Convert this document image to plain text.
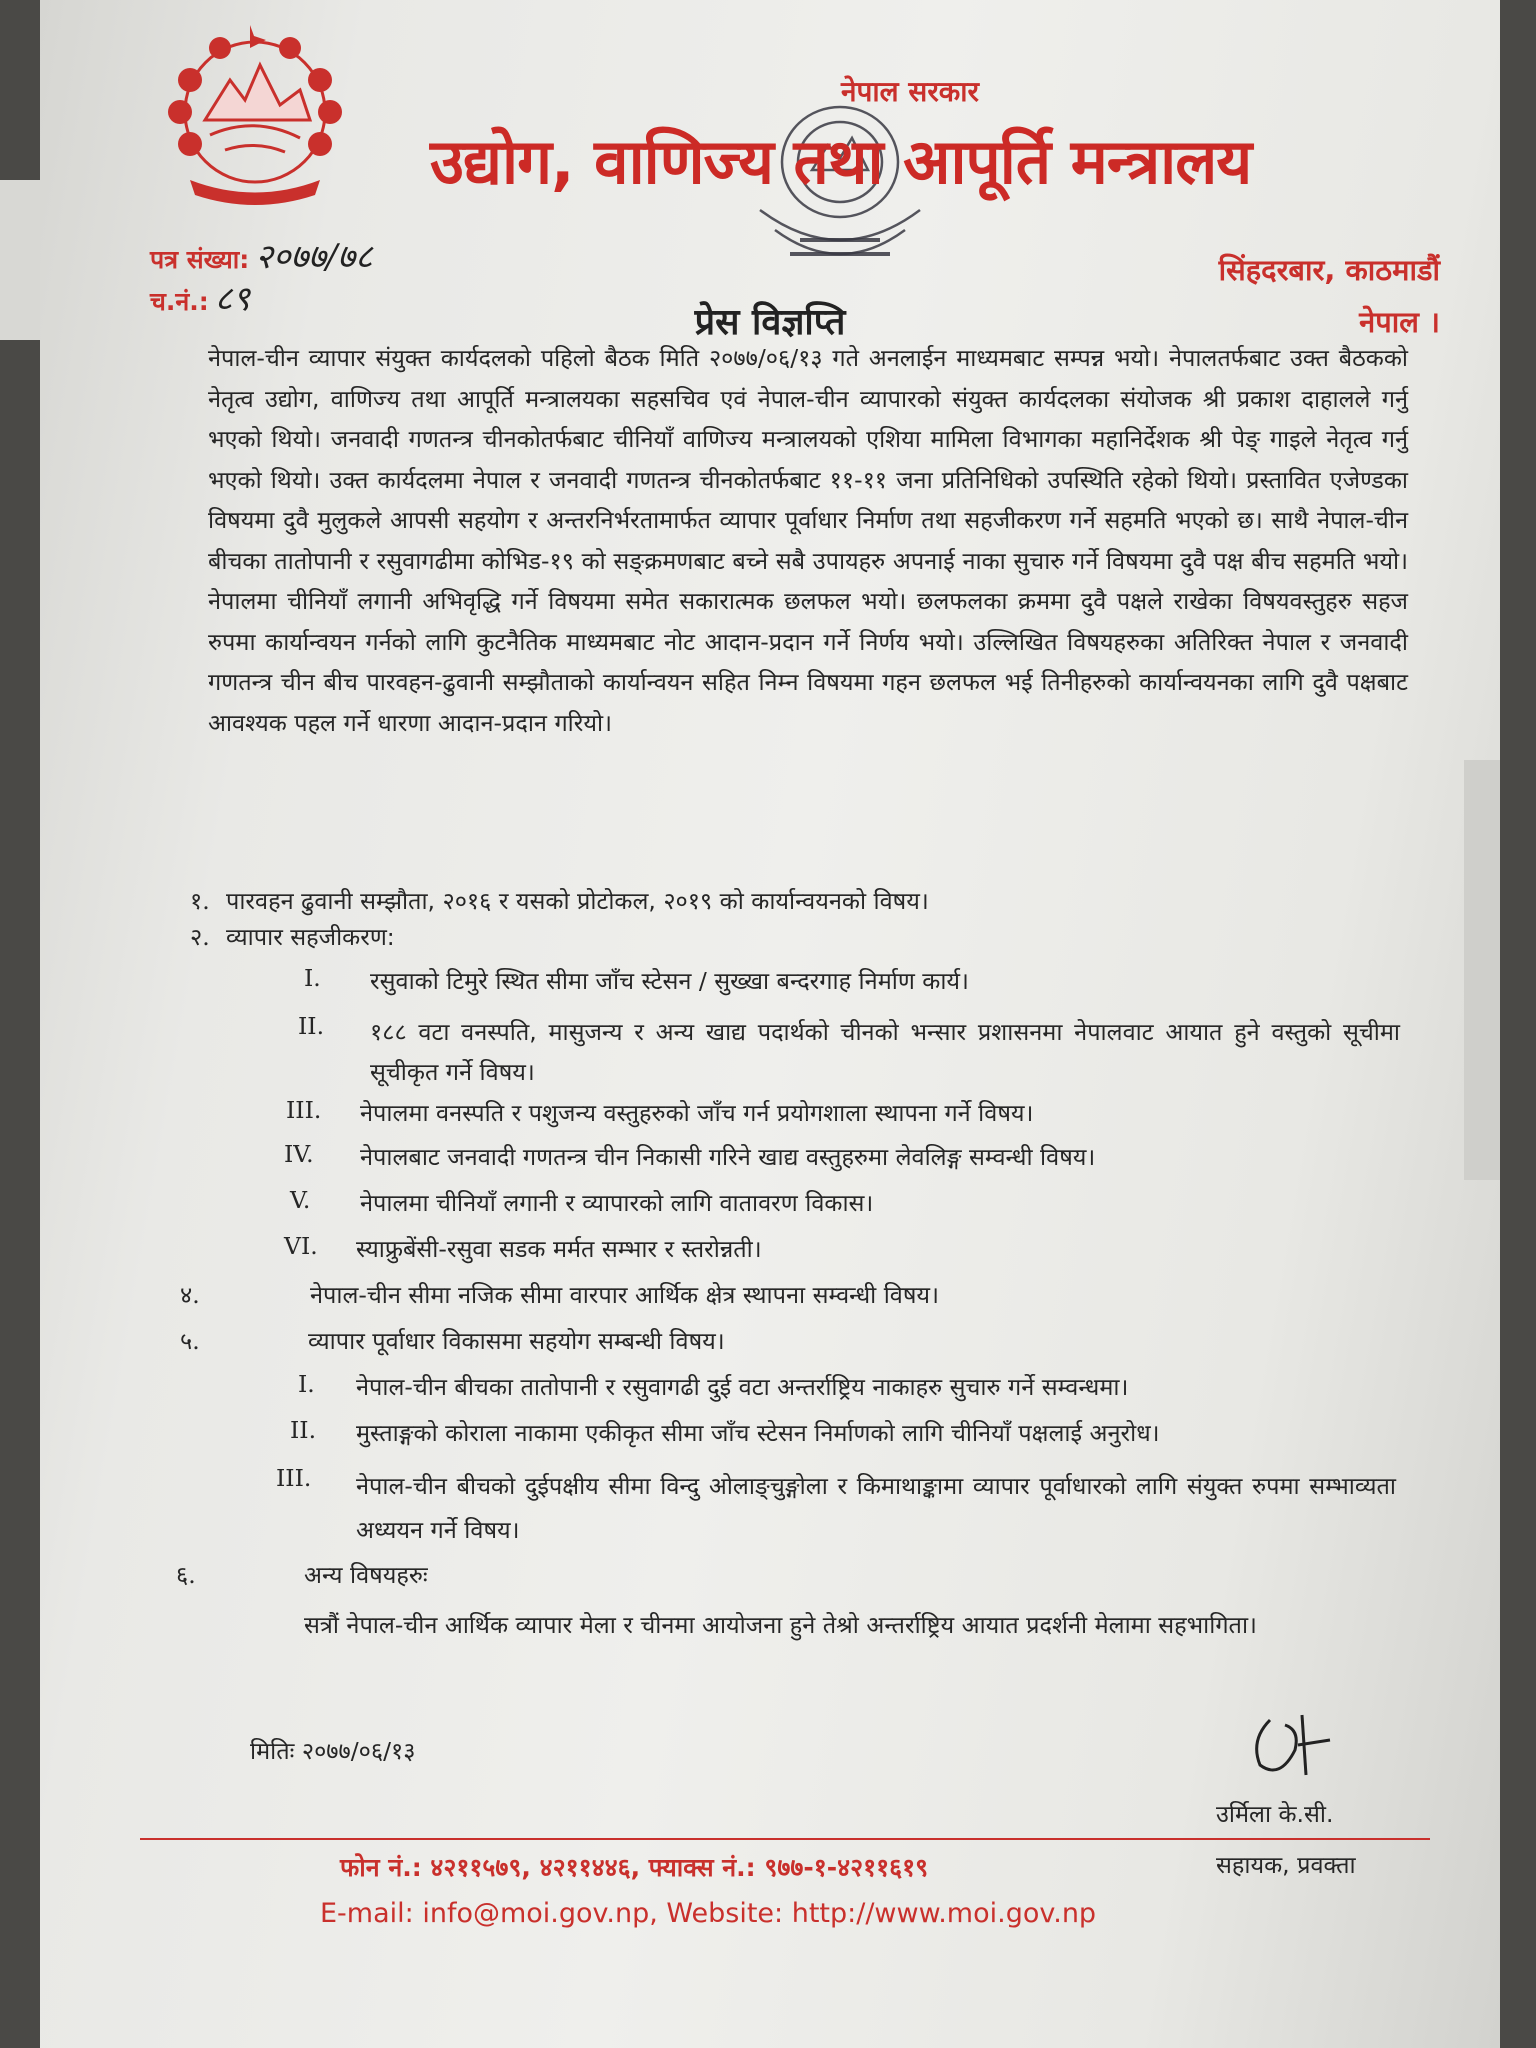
नेपाल सरकार
उद्योग, वाणिज्य तथा आपूर्ति मन्त्रालय
पत्र संख्या: २०७७/७८
च.नं.: ८९
सिंहदरबार, काठमाडौं
नेपाल ।
प्रेस विज्ञप्ति
नेपाल-चीन व्यापार संयुक्त कार्यदलको पहिलो बैठक मिति २०७७/०६/१३ गते अनलाईन माध्यमबाट सम्पन्न भयो। नेपालतर्फबाट उक्त बैठकको नेतृत्व उद्योग, वाणिज्य तथा आपूर्ति मन्त्रालयका सहसचिव एवं नेपाल-चीन व्यापारको संयुक्त कार्यदलका संयोजक श्री प्रकाश दाहालले गर्नु भएको थियो। जनवादी गणतन्त्र चीनकोतर्फबाट चीनियाँ वाणिज्य मन्त्रालयको एशिया मामिला विभागका महानिर्देशक श्री पेङ् गाइले नेतृत्व गर्नु भएको थियो। उक्त कार्यदलमा नेपाल र जनवादी गणतन्त्र चीनकोतर्फबाट ११-११ जना प्रतिनिधिको उपस्थिति रहेको थियो। प्रस्तावित एजेण्डका विषयमा दुवै मुलुकले आपसी सहयोग र अन्तरनिर्भरतामार्फत व्यापार पूर्वाधार निर्माण तथा सहजीकरण गर्ने सहमति भएको छ। साथै नेपाल-चीन बीचका तातोपानी र रसुवागढीमा कोभिड-१९ को सङ्क्रमणबाट बच्ने सबै उपायहरु अपनाई नाका सुचारु गर्ने विषयमा दुवै पक्ष बीच सहमति भयो। नेपालमा चीनियाँ लगानी अभिवृद्धि गर्ने विषयमा समेत सकारात्मक छलफल भयो। छलफलका क्रममा दुवै पक्षले राखेका विषयवस्तुहरु सहज रुपमा कार्यान्वयन गर्नको लागि कुटनैतिक माध्यमबाट नोट आदान-प्रदान गर्ने निर्णय भयो। उल्लिखित विषयहरुका अतिरिक्त नेपाल र जनवादी गणतन्त्र चीन बीच पारवहन-ढुवानी सम्झौताको कार्यान्वयन सहित निम्न विषयमा गहन छलफल भई तिनीहरुको कार्यान्वयनका लागि दुवै पक्षबाट आवश्यक पहल गर्ने धारणा आदान-प्रदान गरियो।
१. पारवहन ढुवानी सम्झौता, २०१६ र यसको प्रोटोकल, २०१९ को कार्यान्वयनको विषय।
२. व्यापार सहजीकरण:
I. रसुवाको टिमुरे स्थित सीमा जाँच स्टेसन / सुख्खा बन्दरगाह निर्माण कार्य।
II. १८८ वटा वनस्पति, मासुजन्य र अन्य खाद्य पदार्थको चीनको भन्सार प्रशासनमा नेपालवाट आयात हुने वस्तुको सूचीमा सूचीकृत गर्ने विषय।
III. नेपालमा वनस्पति र पशुजन्य वस्तुहरुको जाँच गर्न प्रयोगशाला स्थापना गर्ने विषय।
IV. नेपालबाट जनवादी गणतन्त्र चीन निकासी गरिने खाद्य वस्तुहरुमा लेवलिङ्ग सम्वन्धी विषय।
V. नेपालमा चीनियाँ लगानी र व्यापारको लागि वातावरण विकास।
VI. स्याफ्रुबेंसी-रसुवा सडक मर्मत सम्भार र स्तरोन्नती।
४.	नेपाल-चीन सीमा नजिक सीमा वारपार आर्थिक क्षेत्र स्थापना सम्वन्धी विषय।
५.	व्यापार पूर्वाधार विकासमा सहयोग सम्बन्धी विषय।
I. नेपाल-चीन बीचका तातोपानी र रसुवागढी दुई वटा अन्तर्राष्ट्रिय नाकाहरु सुचारु गर्ने सम्वन्धमा।
II. मुस्ताङ्गको कोराला नाकामा एकीकृत सीमा जाँच स्टेसन निर्माणको लागि चीनियाँ पक्षलाई अनुरोध।
III. नेपाल-चीन बीचको दुईपक्षीय सीमा विन्दु ओलाङ्चुङ्गोला र किमाथाङ्कामा व्यापार पूर्वाधारको लागि संयुक्त रुपमा सम्भाव्यता अध्ययन गर्ने विषय।
६.	अन्य विषयहरुः
सत्रौं नेपाल-चीन आर्थिक व्यापार मेला र चीनमा आयोजना हुने तेश्रो अन्तर्राष्ट्रिय आयात प्रदर्शनी मेलामा सहभागिता।
मितिः २०७७/०६/१३
उर्मिला के.सी.
सहायक, प्रवक्ता
फोन नं.: ४२११५७९, ४२११४४६, फ्याक्स नं.: ९७७-१-४२११६१९
E-mail: info@moi.gov.np, Website: http://www.moi.gov.np
